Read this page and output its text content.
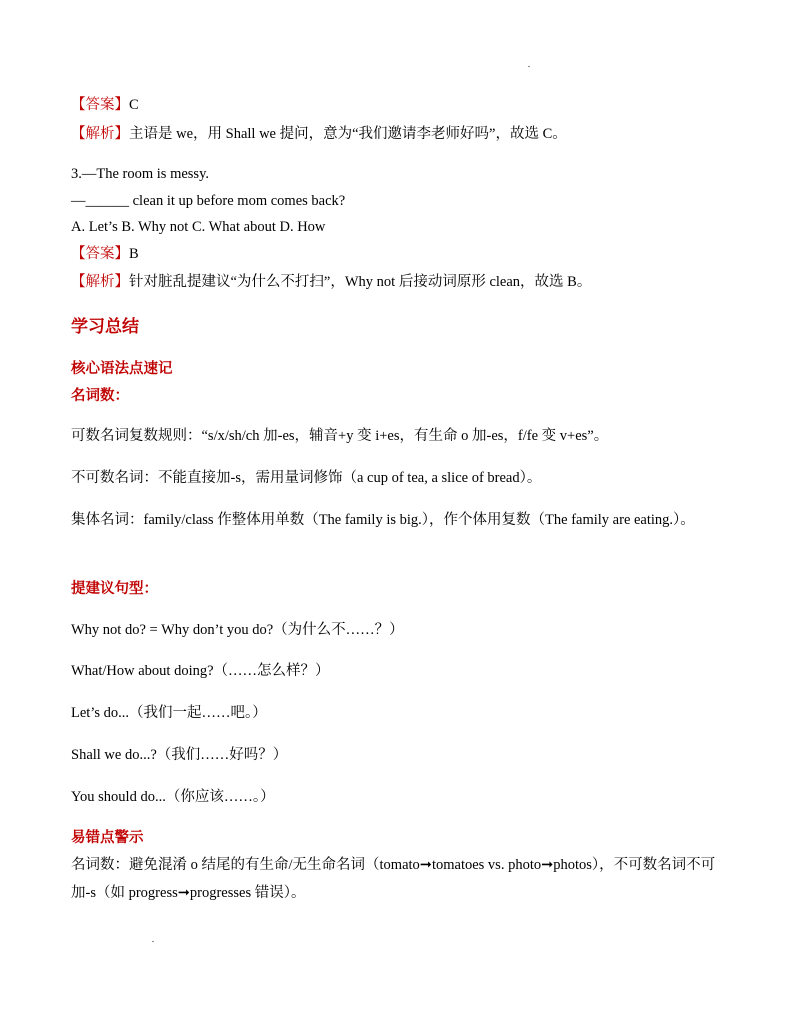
【答案】C
【解析】主语是 we，用 Shall we 提问，意为“我们邀请李老师好吗”，故选 C。
3.—The room is messy.
—______ clean it up before mom comes back?
A. Let’s B. Why not C. What about D. How
【答案】B
【解析】针对脏乱提建议“为什么不打扫”，Why not 后接动词原形 clean，故选 B。
学习总结
核心语法点速记
名词数：
可数名词复数规则：“s/x/sh/ch 加-es，辅音+y 变 i+es，有生命 o 加-es，f/fe 变 v+es”。
不可数名词：不能直接加-s，需用量词修饰（a cup of tea, a slice of bread）。
集体名词：family/class 作整体用单数（The family is big.），作个体用复数（The family are eating.）。
提建议句型：
Why not do? = Why don’t you do?（为什么不……？）
What/How about doing?（……怎么样？）
Let’s do...（我们一起……吧。）
Shall we do...?（我们……好吗？）
You should do...（你应该……。）
易错点警示
名词数：避免混淆 o 结尾的有生命/无生命名词（tomato➞tomatoes vs. photo➞photos），不可数名词不可加-s（如 progress➞progresses 错误）。
